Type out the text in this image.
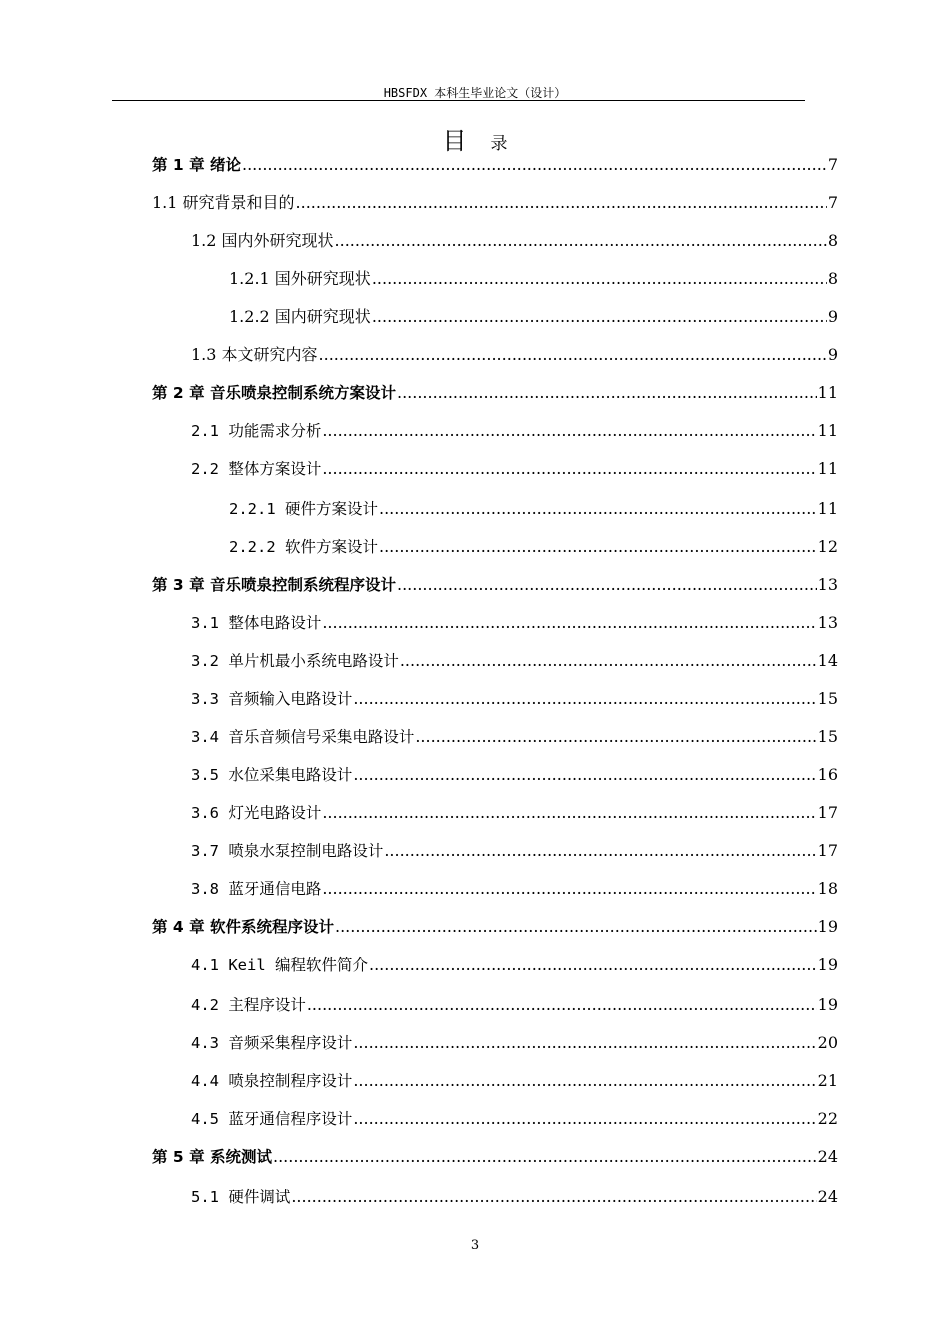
HBSFDX 本科生毕业论文（设计）
目 录
第 1 章 绪论 .....	7
1.1 研究背景和目的 .....	7
1.2 国内外研究现状 .....	8
1.2.1 国外研究现状 .....	8
1.2.2 国内研究现状 .....	9
1.3 本文研究内容 .....	9
第 2 章 音乐喷泉控制系统方案设计 .....	11
2.1 功能需求分析 .....	11
2.2 整体方案设计 .....	11
2.2.1 硬件方案设计 .....	11
2.2.2 软件方案设计 .....	12
第 3 章 音乐喷泉控制系统程序设计 .....	13
3.1 整体电路设计 .....	13
3.2 单片机最小系统电路设计 .....	14
3.3 音频输入电路设计 .....	15
3.4 音乐音频信号采集电路设计 .....	15
3.5 水位采集电路设计 .....	16
3.6 灯光电路设计 .....	17
3.7 喷泉水泵控制电路设计 .....	17
3.8 蓝牙通信电路 .....	18
第 4 章 软件系统程序设计 .....	19
4.1 Keil 编程软件简介 .....	19
4.2 主程序设计 .....	19
4.3 音频采集程序设计 .....	20
4.4 喷泉控制程序设计 .....	21
4.5 蓝牙通信程序设计 .....	22
第 5 章 系统测试 .....	24
5.1 硬件调试 .....	24
3
